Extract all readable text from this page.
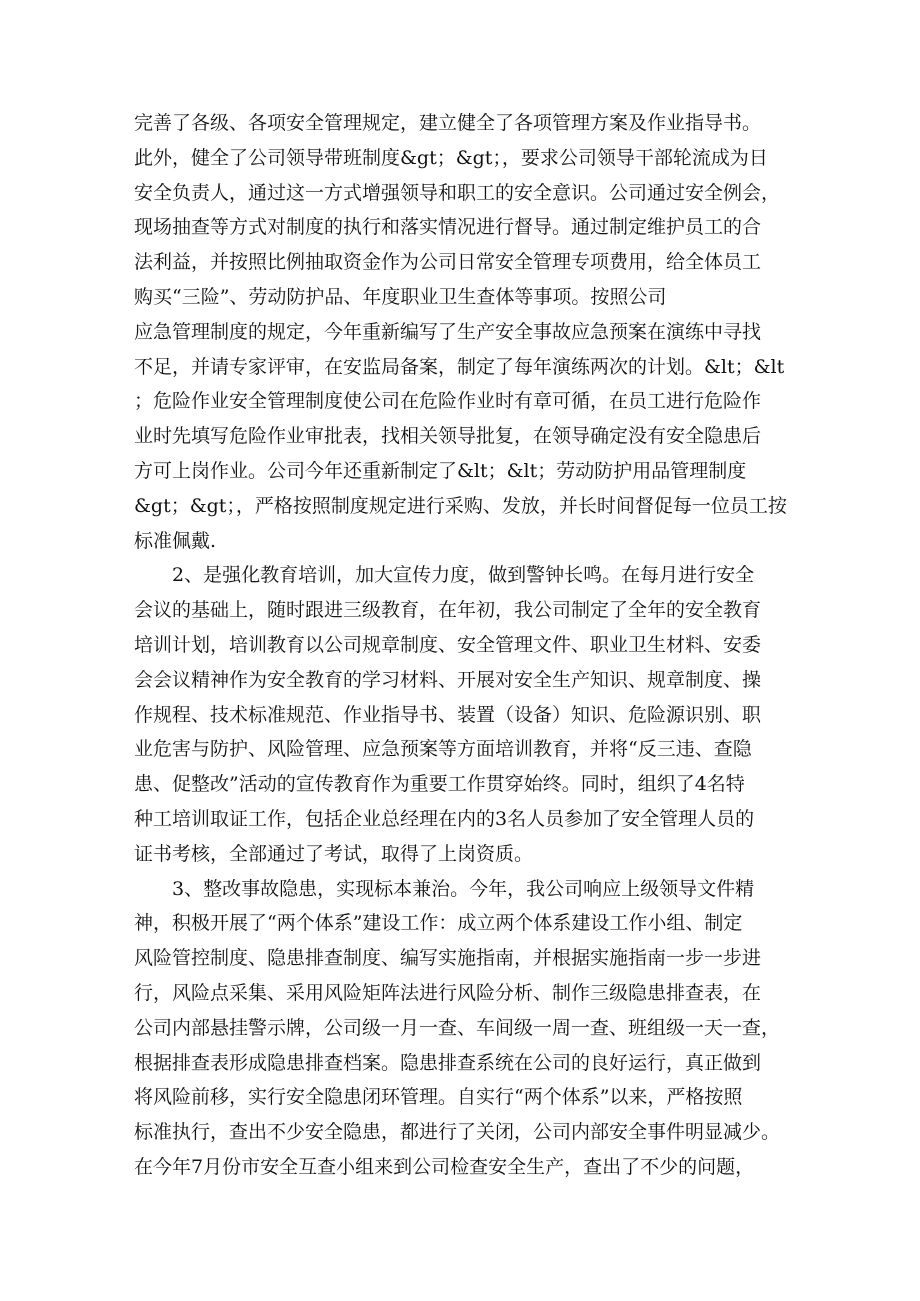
完善了各级、各项安全管理规定，建立健全了各项管理方案及作业指导书。
此外，健全了公司领导带班制度&gt；&gt；，要求公司领导干部轮流成为日
安全负责人，通过这一方式增强领导和职工的安全意识。公司通过安全例会，
现场抽查等方式对制度的执行和落实情况进行督导。通过制定维护员工的合
法利益，并按照比例抽取资金作为公司日常安全管理专项费用，给全体员工
购买“三险”、劳动防护品、年度职业卫生查体等事项。按照公司
应急管理制度的规定，今年重新编写了生产安全事故应急预案在演练中寻找
不足，并请专家评审，在安监局备案，制定了每年演练两次的计划。&lt；&lt
；危险作业安全管理制度使公司在危险作业时有章可循，在员工进行危险作
业时先填写危险作业审批表，找相关领导批复，在领导确定没有安全隐患后
方可上岗作业。公司今年还重新制定了&lt；&lt；劳动防护用品管理制度
&gt；&gt；，严格按照制度规定进行采购、发放，并长时间督促每一位员工按
标准佩戴.
2、是强化教育培训，加大宣传力度，做到警钟长鸣。在每月进行安全
会议的基础上，随时跟进三级教育，在年初，我公司制定了全年的安全教育
培训计划，培训教育以公司规章制度、安全管理文件、职业卫生材料、安委
会会议精神作为安全教育的学习材料、开展对安全生产知识、规章制度、操
作规程、技术标准规范、作业指导书、装置（设备）知识、危险源识别、职
业危害与防护、风险管理、应急预案等方面培训教育，并将“反三违、查隐
患、促整改”活动的宣传教育作为重要工作贯穿始终。同时，组织了4名特
种工培训取证工作，包括企业总经理在内的3名人员参加了安全管理人员的
证书考核，全部通过了考试，取得了上岗资质。
3、整改事故隐患，实现标本兼治。今年，我公司响应上级领导文件精
神，积极开展了“两个体系”建设工作：成立两个体系建设工作小组、制定
风险管控制度、隐患排查制度、编写实施指南，并根据实施指南一步一步进
行，风险点采集、采用风险矩阵法进行风险分析、制作三级隐患排查表，在
公司内部悬挂警示牌，公司级一月一查、车间级一周一查、班组级一天一查，
根据排查表形成隐患排查档案。隐患排查系统在公司的良好运行，真正做到
将风险前移，实行安全隐患闭环管理。自实行“两个体系”以来，严格按照
标准执行，查出不少安全隐患，都进行了关闭，公司内部安全事件明显减少。
在今年7月份市安全互查小组来到公司检查安全生产，查出了不少的问题，
